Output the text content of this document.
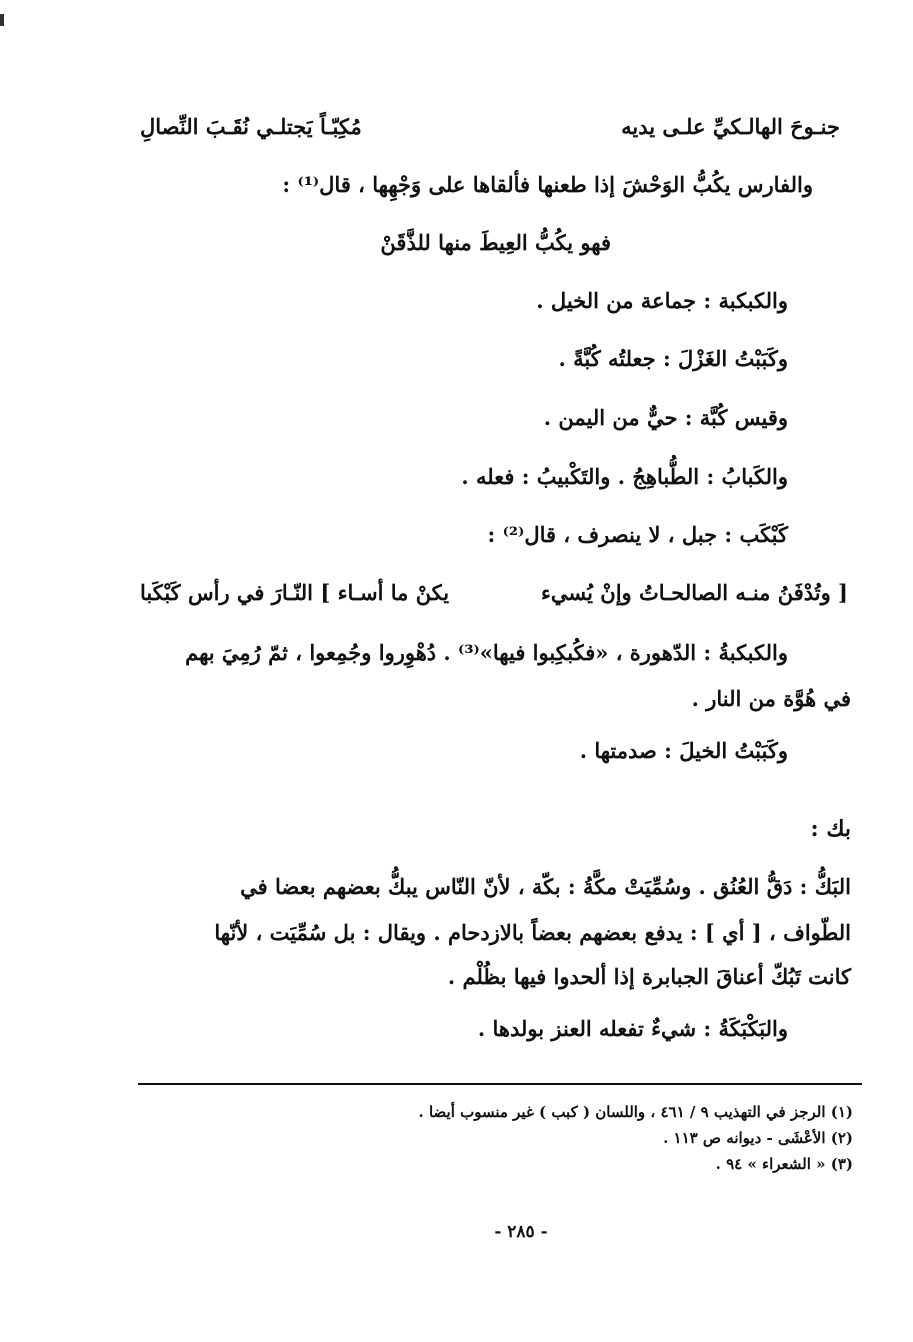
جنـوحَ الهالـكيِّ علـى يديه
مُكِبّـاً يَجتلـي نُقَـبَ النِّصالِ
والفارس يكُبُّ الوَحْشَ إذا طعنها فألقاها على وَجْهِها ، قال⁽¹⁾ :
فهو يكُبُّ العِيطَ منها للذَّقَنْ
والكبكبة : جماعة من الخيل .
وكَبَبْتُ الغَزْلَ : جعلتُه كُبَّةً .
وقيس كُبَّة : حيٌّ من اليمن .
والكَبابُ : الطُّباهِجُ . والتَكْبيبُ : فعله .
كَبْكَب : جبل ، لا ينصرف ، قال⁽²⁾ :
[ وتُدْفَنُ منـه الصالحـاتُ وإنْ يُسيء
يكنْ ما أسـاء ] النّـارَ في رأس كَبْكَبا
والكبكبةُ : الدّهورة ، «فكُبكِبوا فيها»⁽³⁾ . دُهْوِروا وجُمِعوا ، ثمّ رُمِيَ بهم
في هُوَّة من النار .
وكَبَبْتُ الخيلَ : صدمتها .
بك :
البَكُّ : دَقُّ العُنُق . وسُمِّيَتْ مكَّةُ : بكّة ، لأنّ النّاس يبكُّ بعضهم بعضا في
الطّواف ، [ أي ] : يدفع بعضهم بعضاً بالازدحام . ويقال : بل سُمِّيَت ، لأنّها
كانت تَبُكّ أعناقَ الجبابرة إذا ألحدوا فيها بظُلْم .
والبَكْبَكَةُ : شيءٌ تفعله العنز بولدها .
(١) الرجز في التهذيب ٩ / ٤٦١ ، واللسان ( كبب ) غير منسوب أيضا .
(٢) الأعْشَى - ديوانه ص ١١٣ .
(٣) « الشعراء » ٩٤ .
- ٢٨٥ -
